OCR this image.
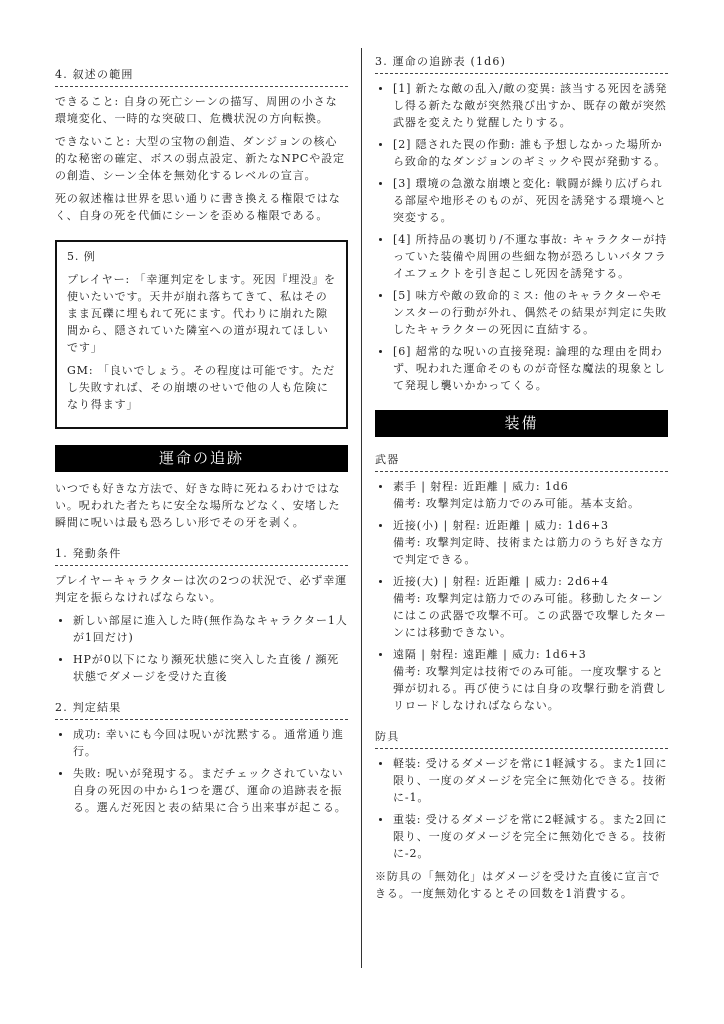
4. 叙述の範囲

できること: 自身の死亡シーンの描写、周囲の小さな環境変化、一時的な突破口、危機状況の方向転換。

できないこと: 大型の宝物の創造、ダンジョンの核心的な秘密の確定、ボスの弱点設定、新たなNPCや設定の創造、シーン全体を無効化するレベルの宣言。

死の叙述権は世界を思い通りに書き換える権限ではなく、自身の死を代価にシーンを歪める権限である。

5. 例

プレイヤー: 「幸運判定をします。死因『埋没』を使いたいです。天井が崩れ落ちてきて、私はそのまま瓦礫に埋もれて死にます。代わりに崩れた隙間から、隠されていた隣室への道が現れてほしいです」

GM: 「良いでしょう。その程度は可能です。ただし失敗すれば、その崩壊のせいで他の人も危険になり得ます」

運命の追跡

いつでも好きな方法で、好きな時に死ねるわけではない。呪われた者たちに安全な場所などなく、安堵した瞬間に呪いは最も恐ろしい形でその牙を剥く。

1. 発動条件

プレイヤーキャラクターは次の2つの状況で、必ず幸運判定を振らなければならない。

新しい部屋に進入した時(無作為なキャラクター1人が1回だけ)
HPが0以下になり瀕死状態に突入した直後 / 瀕死状態でダメージを受けた直後
2. 判定結果
成功: 幸いにも今回は呪いが沈黙する。通常通り進行。
失敗: 呪いが発現する。まだチェックされていない自身の死因の中から1つを選び、運命の追跡表を振る。選んだ死因と表の結果に合う出来事が起こる。
3. 運命の追跡表 (1d6)
[1] 新たな敵の乱入/敵の変異: 該当する死因を誘発し得る新たな敵が突然飛び出すか、既存の敵が突然武器を変えたり覚醒したりする。
[2] 隠された罠の作動: 誰も予想しなかった場所から致命的なダンジョンのギミックや罠が発動する。
[3] 環境の急激な崩壊と変化: 戦闘が繰り広げられる部屋や地形そのものが、死因を誘発する環境へと突変する。
[4] 所持品の裏切り/不運な事故: キャラクターが持っていた装備や周囲の些細な物が恐ろしいバタフライエフェクトを引き起こし死因を誘発する。
[5] 味方や敵の致命的ミス: 他のキャラクターやモンスターの行動が外れ、偶然その結果が判定に失敗したキャラクターの死因に直結する。
[6] 超常的な呪いの直接発現: 論理的な理由を問わず、呪われた運命そのものが奇怪な魔法的現象として発現し襲いかかってくる。
装備
武器
素手 | 射程: 近距離 | 威力: 1d6
備考: 攻撃判定は筋力でのみ可能。基本支給。
近接(小) | 射程: 近距離 | 威力: 1d6+3
備考: 攻撃判定時、技術または筋力のうち好きな方で判定できる。
近接(大) | 射程: 近距離 | 威力: 2d6+4
備考: 攻撃判定は筋力でのみ可能。移動したターンにはこの武器で攻撃不可。この武器で攻撃したターンには移動できない。
遠隔 | 射程: 遠距離 | 威力: 1d6+3
備考: 攻撃判定は技術でのみ可能。一度攻撃すると弾が切れる。再び使うには自身の攻撃行動を消費しリロードしなければならない。
防具
軽装: 受けるダメージを常に1軽減する。また1回に限り、一度のダメージを完全に無効化できる。技術に-1。
重装: 受けるダメージを常に2軽減する。また2回に限り、一度のダメージを完全に無効化できる。技術に-2。

※防具の「無効化」はダメージを受けた直後に宣言できる。一度無効化するとその回数を1消費する。
